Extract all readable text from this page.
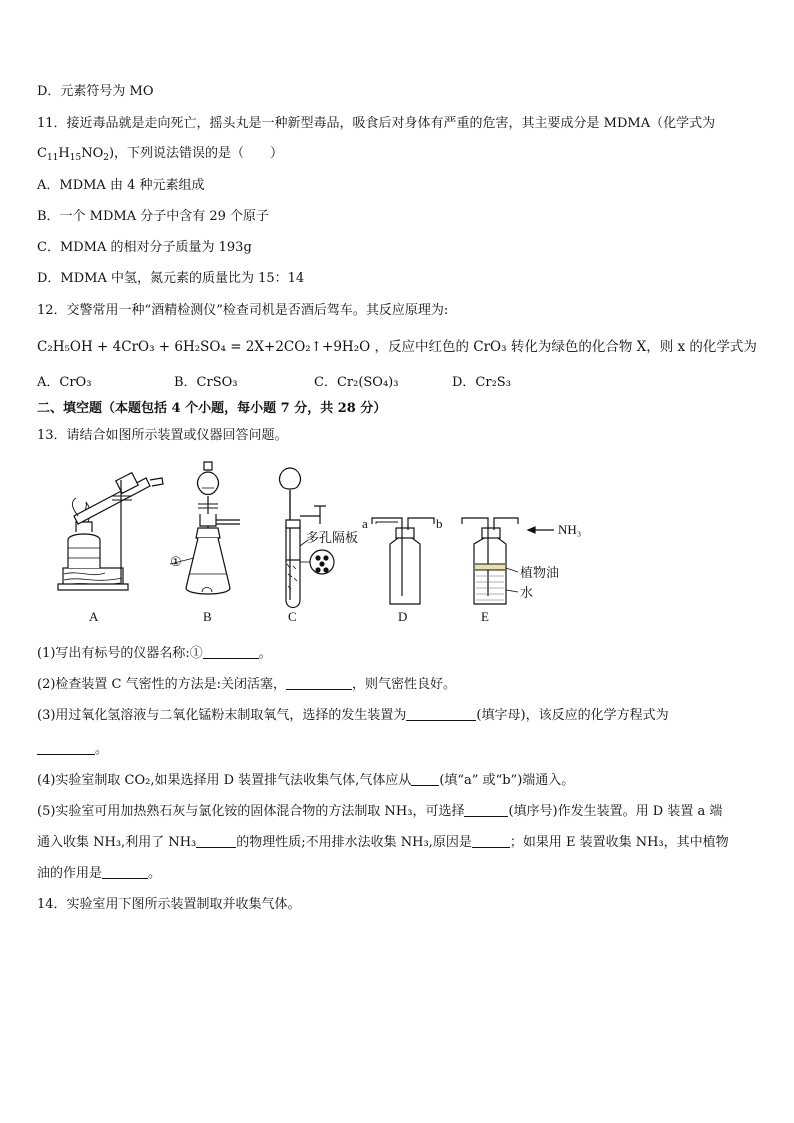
D．元素符号为 MO
11．接近毒品就是走向死亡，摇头丸是一种新型毒品，吸食后对身体有严重的危害，其主要成分是 MDMA（化学式为
$C_{11}H_{15}NO_2$)，下列说法错误的是（　　）
A．MDMA 由 4 种元素组成
B．一个 MDMA 分子中含有 29 个原子
C．MDMA 的相对分子质量为 193g
D．MDMA 中氢，氮元素的质量比为 15：14
12．交警常用一种“酒精检测仪”检查司机是否酒后驾车。其反应原理为:
C₂H₅OH + 4CrO₃ + 6H₂SO₄ = 2X+2CO₂↑+9H₂O ，反应中红色的 CrO₃ 转化为绿色的化合物 X，则 x 的化学式为
A．CrO₃	B．CrSO₃	C．Cr₂(SO₄)₃	D．Cr₂S₃
二、填空题（本题包括 4 个小题，每小题 7 分，共 28 分）
13．请结合如图所示装置或仪器回答问题。
A
①
B
多孔隔板
C
a	b
D
NH₃
植物油
水
E
(1)写出有标号的仪器名称:①	。
(2)检查装置 C 气密性的方法是:关闭活塞，	，则气密性良好。
(3)用过氧化氢溶液与二氧化锰粉末制取氧气，选择的发生装置为	(填字母)，该反应的化学方程式为
。
(4)实验室制取 CO₂,如果选择用 D 装置排气法收集气体,气体应从 (填“a” 或“b”)端通入。
(5)实验室可用加热熟石灰与氯化铵的固体混合物的方法制取 NH₃，可选择	(填序号)作发生装置。用 D 装置 a 端
通入收集 NH₃,利用了 NH₃	的物理性质;不用排水法收集 NH₃,原因是	；如果用 E 装置收集 NH₃，其中植物
油的作用是	。
14．实验室用下图所示装置制取并收集气体。
